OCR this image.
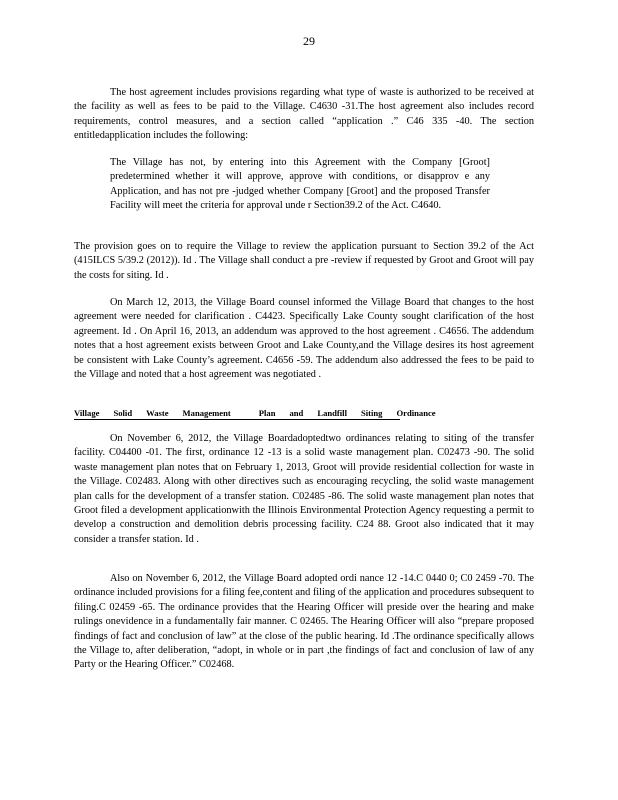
29

The host agreement includes provisions regarding what type of waste is authorized to be received at the facility as well as fees to be paid to the Village. C4630 -31.The host agreement also includes record requirements, control measures, and a section called “application .” C46 335 -40. The section entitledapplication includes the following:

The Village has not, by entering into this Agreement with the Company [Groot] predetermined whether it will approve, approve with conditions, or disapprov e any Application, and has not pre -judged whether Company [Groot] and the proposed Transfer Facility will meet the criteria for approval unde r Section39.2 of the Act. C4640.

The provision goes on to require the Village to review the application pursuant to Section 39.2 of the Act (415ILCS 5/39.2 (2012)). Id . The Village shall conduct a pre -review if requested by Groot and Groot will pay the costs for siting. Id .

On March 12, 2013, the Village Board counsel informed the Village Board that changes to the host agreement were needed for clarification . C4423. Specifically Lake County sought clarification of the host agreement. Id . On April 16, 2013, an addendum was approved to the host agreement . C4656. The addendum notes that a host agreement exists between Groot and Lake County,and the Village desires its host agreement be consistent with Lake County’s agreement. C4656 -59. The addendum also addressed the fees to be paid to the Village and noted that a host agreement was negotiated .

Village Solid Waste Management	Plan and Landfill Siting Ordinance

On November 6, 2012, the Village Boardadoptedtwo ordinances relating to siting of the transfer facility. C04400 -01. The first, ordinance 12 -13 is a solid waste management plan. C02473 -90. The solid waste management plan notes that on February 1, 2013, Groot will provide residential collection for waste in the Village. C02483. Along with other directives such as encouraging recycling, the solid waste management plan calls for the development of a transfer station. C02485 -86. The solid waste management plan notes that Groot filed a development applicationwith the Illinois Environmental Protection Agency requesting a permit to develop a construction and demolition debris processing facility. C24 88. Groot also indicated that it may consider a transfer station. Id .

Also on November 6, 2012, the Village Board adopted ordi nance 12 -14.C 0440 0; C0 2459 -70. The ordinance included provisions for a filing fee,content and filing of the application and procedures subsequent to filing.C 02459 -65. The ordinance provides that the Hearing Officer will preside over the hearing and make rulings onevidence in a fundamentally fair manner. C 02465. The Hearing Officer will also “prepare proposed findings of fact and conclusion of law” at the close of the public hearing. Id .The ordinance specifically allows the Village to, after deliberation, “adopt, in whole or in part ,the findings of fact and conclusion of law of any Party or the Hearing Officer.” C02468.
